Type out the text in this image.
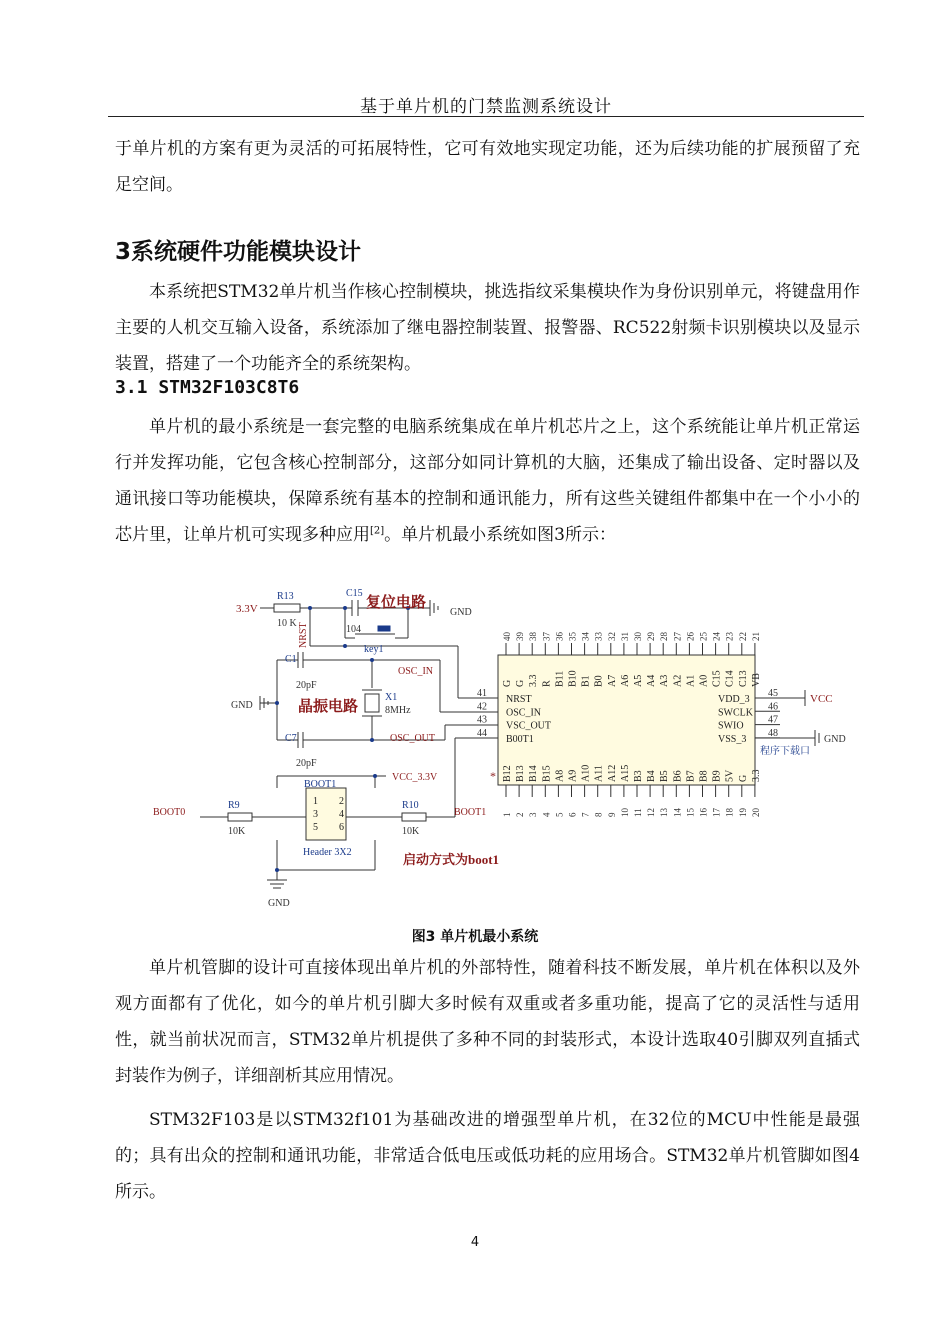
基于单片机的门禁监测系统设计

于单片机的方案有更为灵活的可拓展特性，它可有效地实现定功能，还为后续功能的扩展预留了充足空间。

3系统硬件功能模块设计

本系统把STM32单片机当作核心控制模块，挑选指纹采集模块作为身份识别单元，将键盘用作主要的人机交互输入设备，系统添加了继电器控制装置、报警器、RC522射频卡识别模块以及显示装置，搭建了一个功能齐全的系统架构。

3.1 STM32F103C8T6

单片机的最小系统是一套完整的电脑系统集成在单片机芯片之上，这个系统能让单片机正常运行并发挥功能，它包含核心控制部分，这部分如同计算机的大脑，还集成了输出设备、定时器以及通讯接口等功能模块，保障系统有基本的控制和通讯能力，所有这些关键组件都集中在一个小小的芯片里，让单片机可实现多种应用[2]。单片机最小系统如图3所示：

3.3V
R13
10 K NRST
C15
104
复位电路
GND
key1
C1
20pF
OSC_IN
X1
8MHz
晶振电路
GND
C7
20pF
OSC_OUT
BOOT1
VCC_3.3V
BOOT0
R9
10K
R10
10K
BOOT1
Header 3X2	启动方式为boot1
GND
VCC
GND
程序下载口
*
40
G
39
G
38
3.3
37
R
36
B11
35
B10
34
B1
33
B0
32
A7
31
A6
30
A5
29
A4
28
A3
27
A2
26
A1
25
A0
24
C15
23
C14
22
C13
21
VB
1
B12
2
B13
3
B14
4
B15
5
A8
6
A9
7
A10
8
A11
9
A12
10
A15
11
B3
12
B4
13
B5
14
B6
15
B7
16
B8
17
B9
18
5V
19
G
20
3.3
41
NRST
42
OSC_IN
43
VSC_OUT
44
B00T1
45
VDD_3
46
SWCLK
47
SWIO
48
VSS_3
1 2
3 4
5 6
图3 单片机最小系统

单片机管脚的设计可直接体现出单片机的外部特性，随着科技不断发展，单片机在体积以及外观方面都有了优化，如今的单片机引脚大多时候有双重或者多重功能，提高了它的灵活性与适用性，就当前状况而言，STM32单片机提供了多种不同的封装形式，本设计选取40引脚双列直插式封装作为例子，详细剖析其应用情况。

STM32F103是以STM32f101为基础改进的增强型单片机，在32位的MCU中性能是最强的；具有出众的控制和通讯功能，非常适合低电压或低功耗的应用场合。STM32单片机管脚如图4所示。

4
